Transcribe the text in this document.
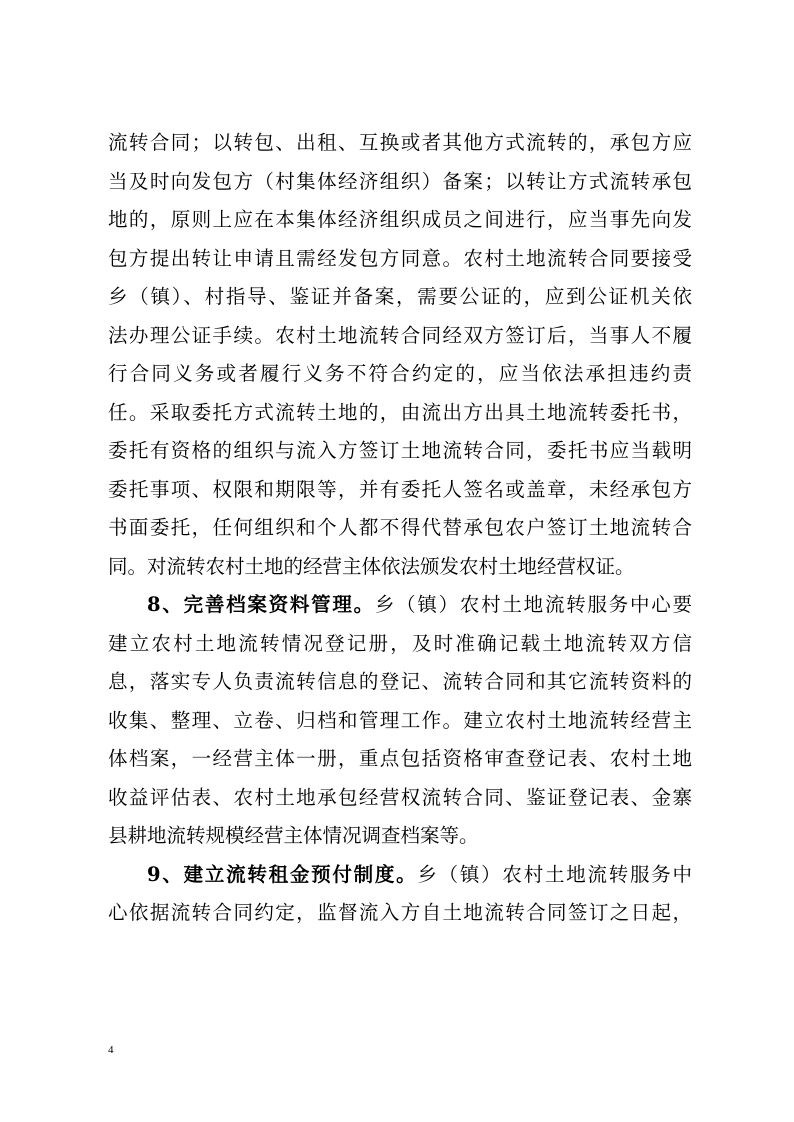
流转合同；以转包、出租、互换或者其他方式流转的，承包方应
当及时向发包方（村集体经济组织）备案；以转让方式流转承包
地的，原则上应在本集体经济组织成员之间进行，应当事先向发
包方提出转让申请且需经发包方同意。农村土地流转合同要接受
乡（镇）、村指导、鉴证并备案，需要公证的，应到公证机关依
法办理公证手续。农村土地流转合同经双方签订后，当事人不履
行合同义务或者履行义务不符合约定的，应当依法承担违约责
任。采取委托方式流转土地的，由流出方出具土地流转委托书，
委托有资格的组织与流入方签订土地流转合同，委托书应当载明
委托事项、权限和期限等，并有委托人签名或盖章，未经承包方
书面委托，任何组织和个人都不得代替承包农户签订土地流转合
同。对流转农村土地的经营主体依法颁发农村土地经营权证。
8、完善档案资料管理。乡（镇）农村土地流转服务中心要
建立农村土地流转情况登记册，及时准确记载土地流转双方信
息，落实专人负责流转信息的登记、流转合同和其它流转资料的
收集、整理、立卷、归档和管理工作。建立农村土地流转经营主
体档案，一经营主体一册，重点包括资格审查登记表、农村土地
收益评估表、农村土地承包经营权流转合同、鉴证登记表、金寨
县耕地流转规模经营主体情况调查档案等。
9、建立流转租金预付制度。乡（镇）农村土地流转服务中
心依据流转合同约定，监督流入方自土地流转合同签订之日起，
4
